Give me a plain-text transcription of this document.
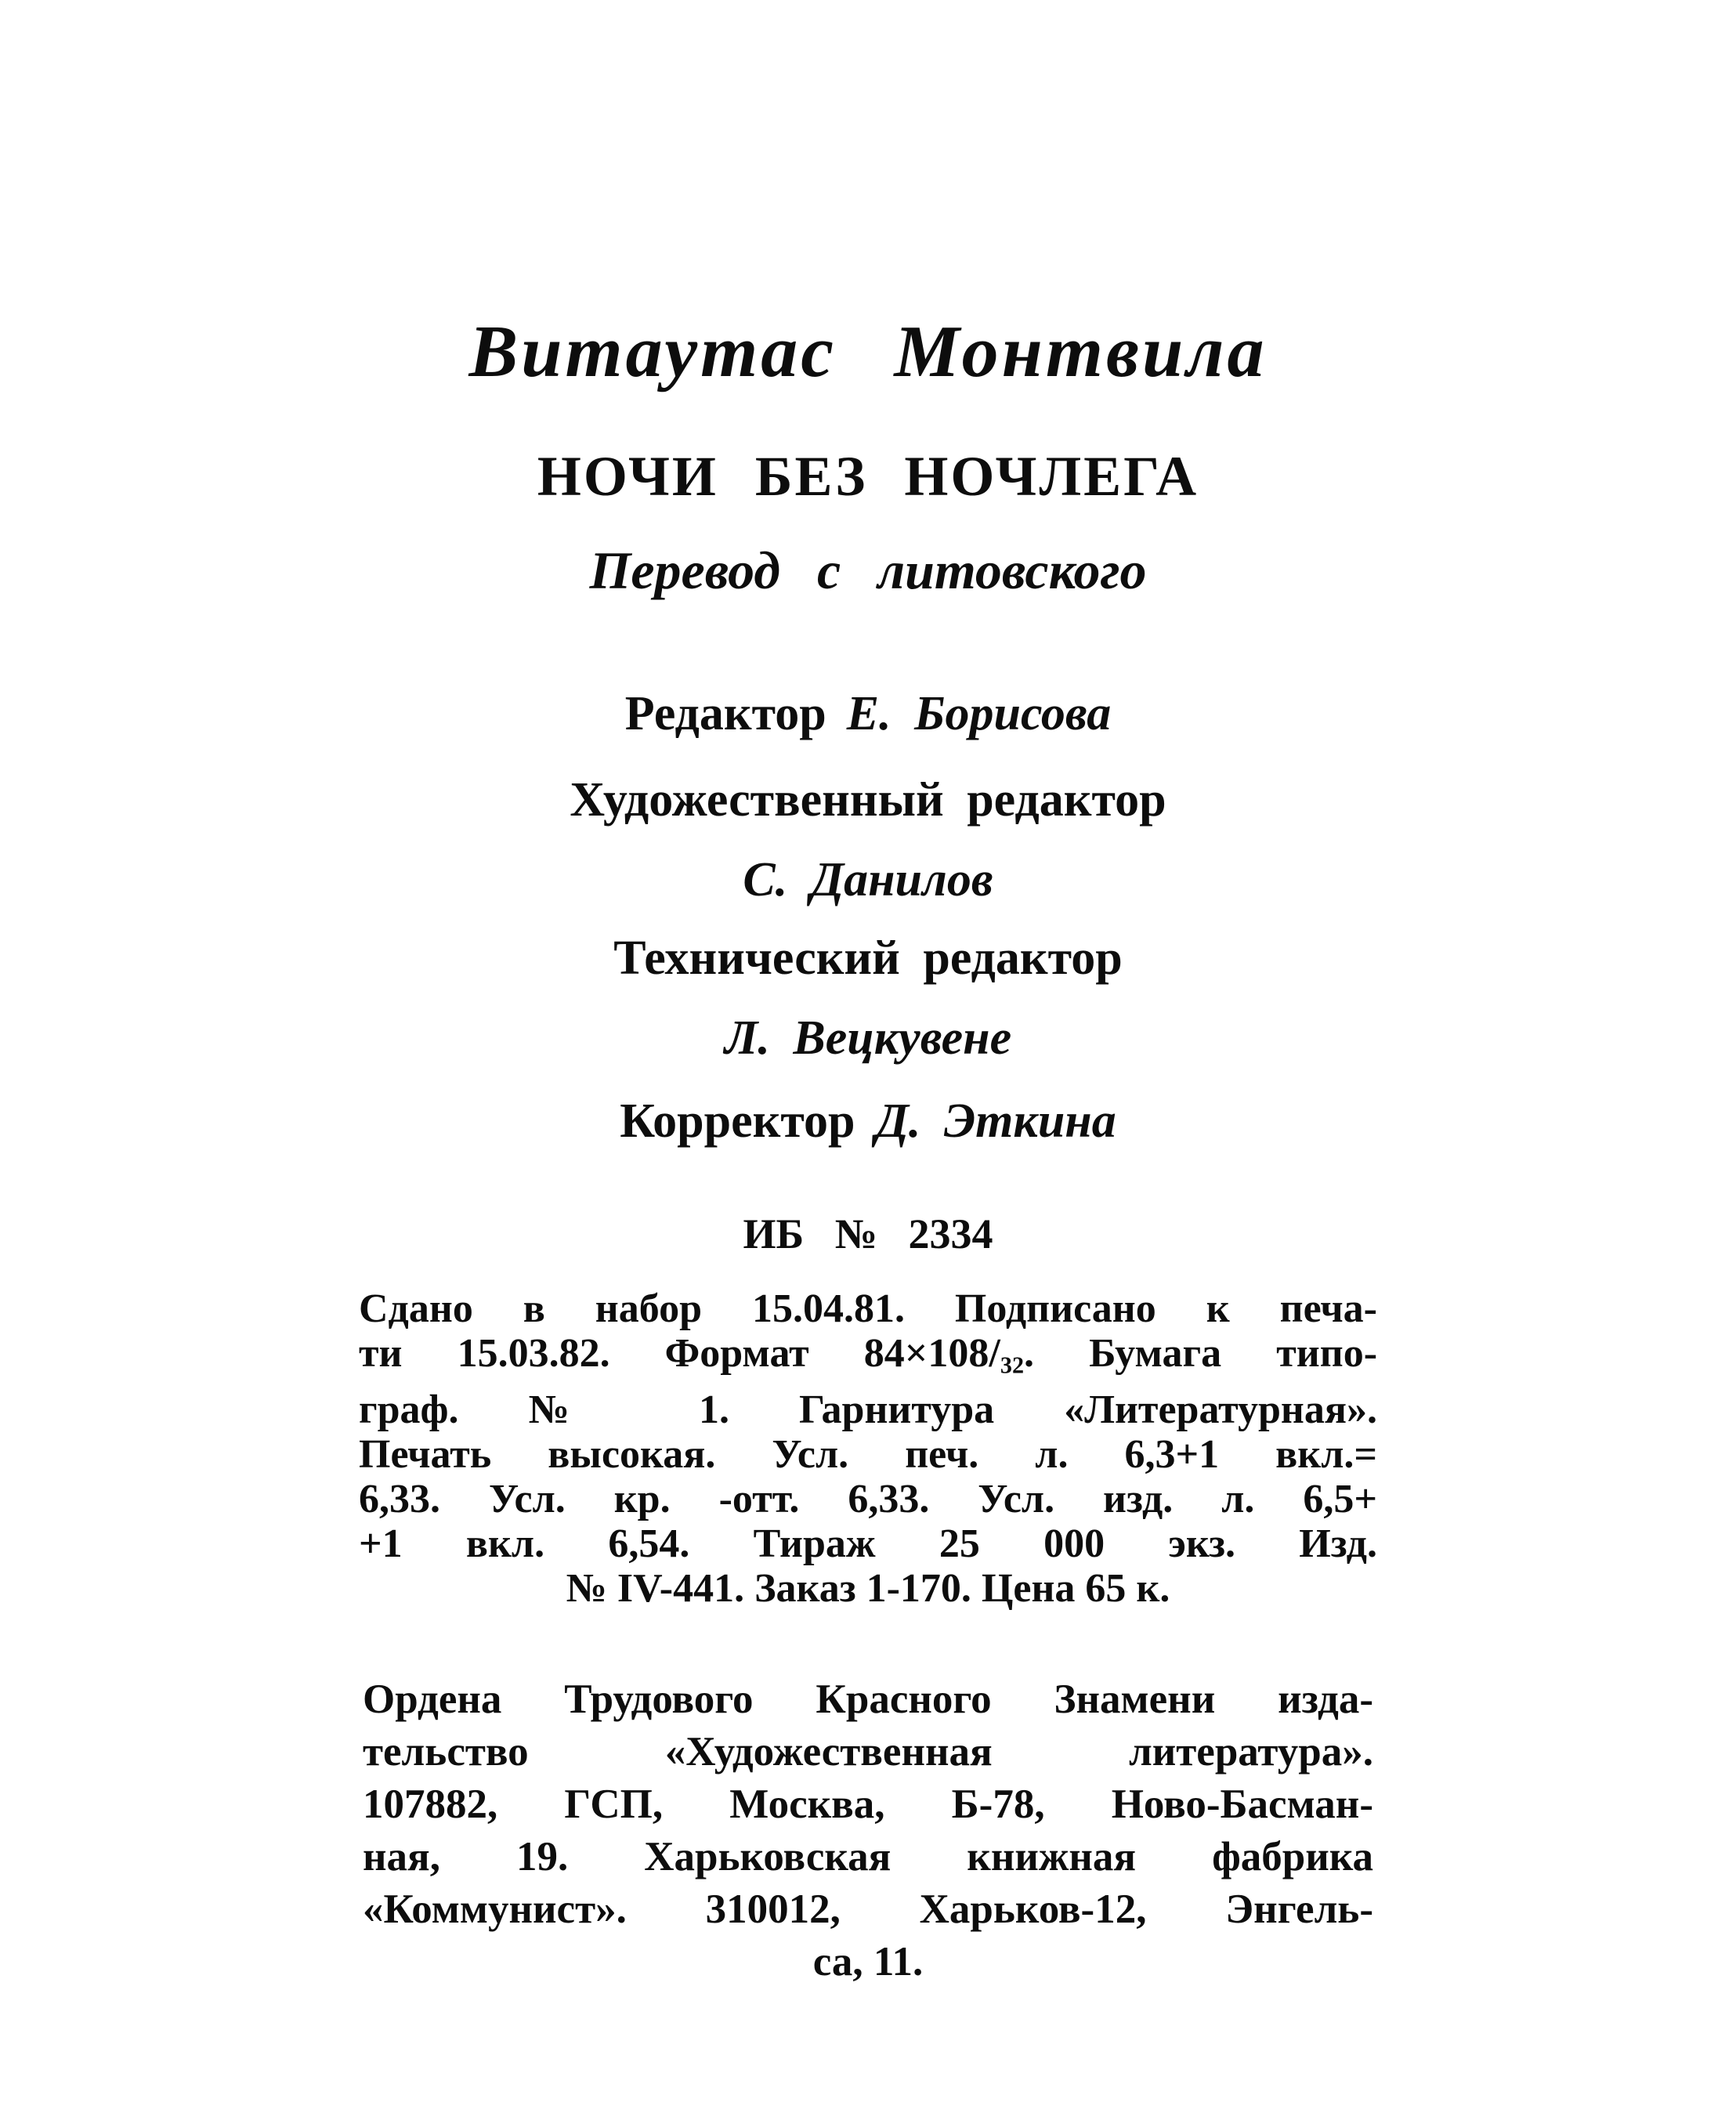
Витаутас Монтвила
НОЧИ БЕЗ НОЧЛЕГА
Перевод с литовского
Редактор Е. Борисова
Художественный редактор
С. Данилов
Технический редактор
Л. Вецкувене
Корректор Д. Эткина
ИБ № 2334
Сдано в набор 15.04.81. Подписано к печа-
ти 15.03.82. Формат $84\times 108/_{32}$. Бумага типо-
граф. № 1. Гарнитура «Литературная».
Печать высокая. Усл. печ. л. 6,3+1 вкл.=
6,33. Усл. кр. -отт. 6,33. Усл. изд. л. 6,5+
+1 вкл. 6,54. Тираж 25 000 экз. Изд.
№ IV-441. Заказ 1-170. Цена 65 к.
Ордена Трудового Красного Знамени изда-
тельство «Художественная литература».
107882, ГСП, Москва, Б-78, Ново-Басман-
ная, 19. Харьковская книжная фабрика
«Коммунист». 310012, Харьков-12, Энгель-
са, 11.
